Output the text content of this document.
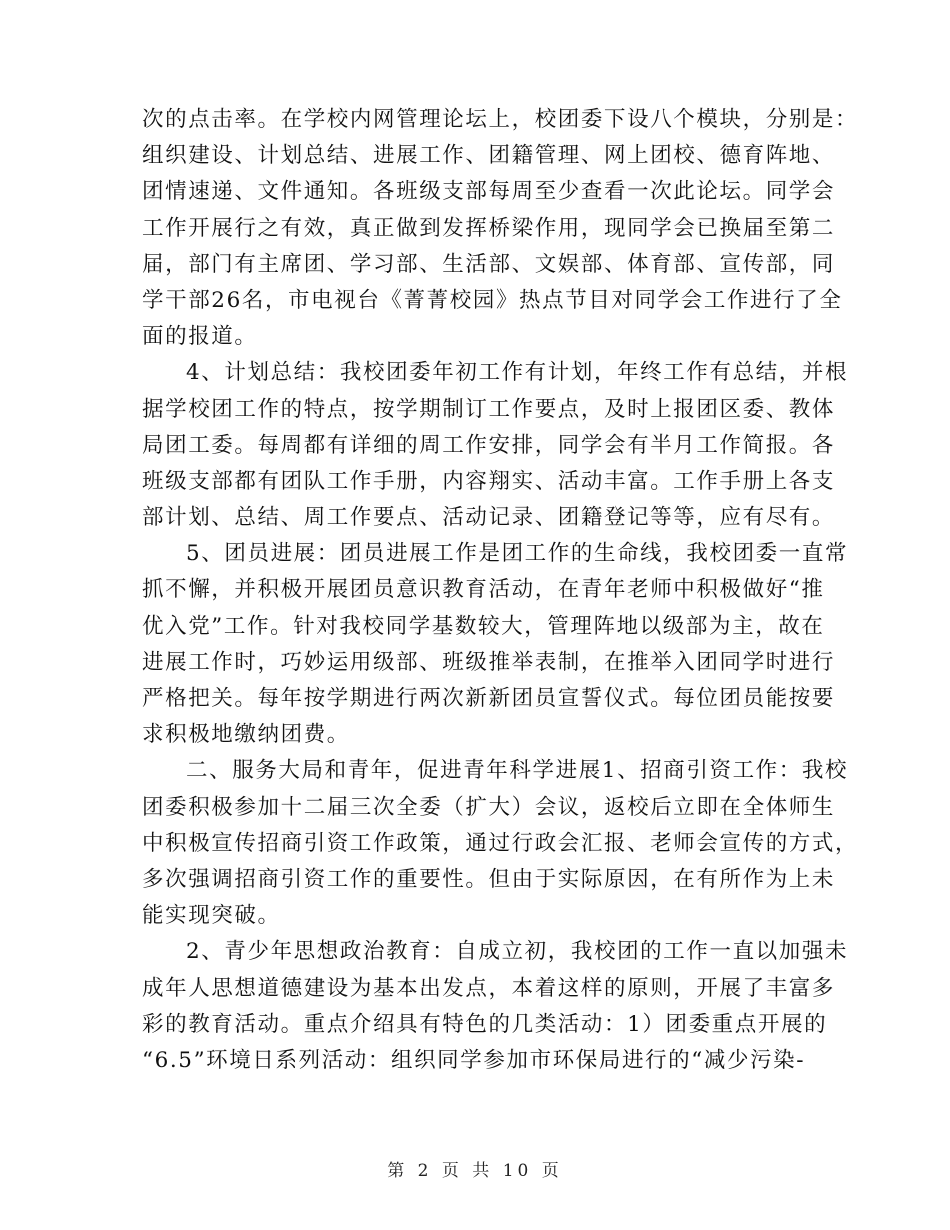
次的点击率。在学校内网管理论坛上，校团委下设八个模块，分别是：
组织建设、计划总结、进展工作、团籍管理、网上团校、德育阵地、
团情速递、文件通知。各班级支部每周至少查看一次此论坛。同学会
工作开展行之有效，真正做到发挥桥梁作用，现同学会已换届至第二
届，部门有主席团、学习部、生活部、文娱部、体育部、宣传部，同
学干部26名，市电视台《菁菁校园》热点节目对同学会工作进行了全
面的报道。
4、计划总结：我校团委年初工作有计划，年终工作有总结，并根
据学校团工作的特点，按学期制订工作要点，及时上报团区委、教体
局团工委。每周都有详细的周工作安排，同学会有半月工作简报。各
班级支部都有团队工作手册，内容翔实、活动丰富。工作手册上各支
部计划、总结、周工作要点、活动记录、团籍登记等等，应有尽有。
5、团员进展：团员进展工作是团工作的生命线，我校团委一直常
抓不懈，并积极开展团员意识教育活动，在青年老师中积极做好“推
优入党”工作。针对我校同学基数较大，管理阵地以级部为主，故在
进展工作时，巧妙运用级部、班级推举表制，在推举入团同学时进行
严格把关。每年按学期进行两次新新团员宣誓仪式。每位团员能按要
求积极地缴纳团费。
二、服务大局和青年，促进青年科学进展1、招商引资工作：我校
团委积极参加十二届三次全委（扩大）会议，返校后立即在全体师生
中积极宣传招商引资工作政策，通过行政会汇报、老师会宣传的方式，
多次强调招商引资工作的重要性。但由于实际原因，在有所作为上未
能实现突破。
2、青少年思想政治教育：自成立初，我校团的工作一直以加强未
成年人思想道德建设为基本出发点，本着这样的原则，开展了丰富多
彩的教育活动。重点介绍具有特色的几类活动：1）团委重点开展的
“6.5”环境日系列活动：组织同学参加市环保局进行的“减少污染-
第 2 页 共 10 页
